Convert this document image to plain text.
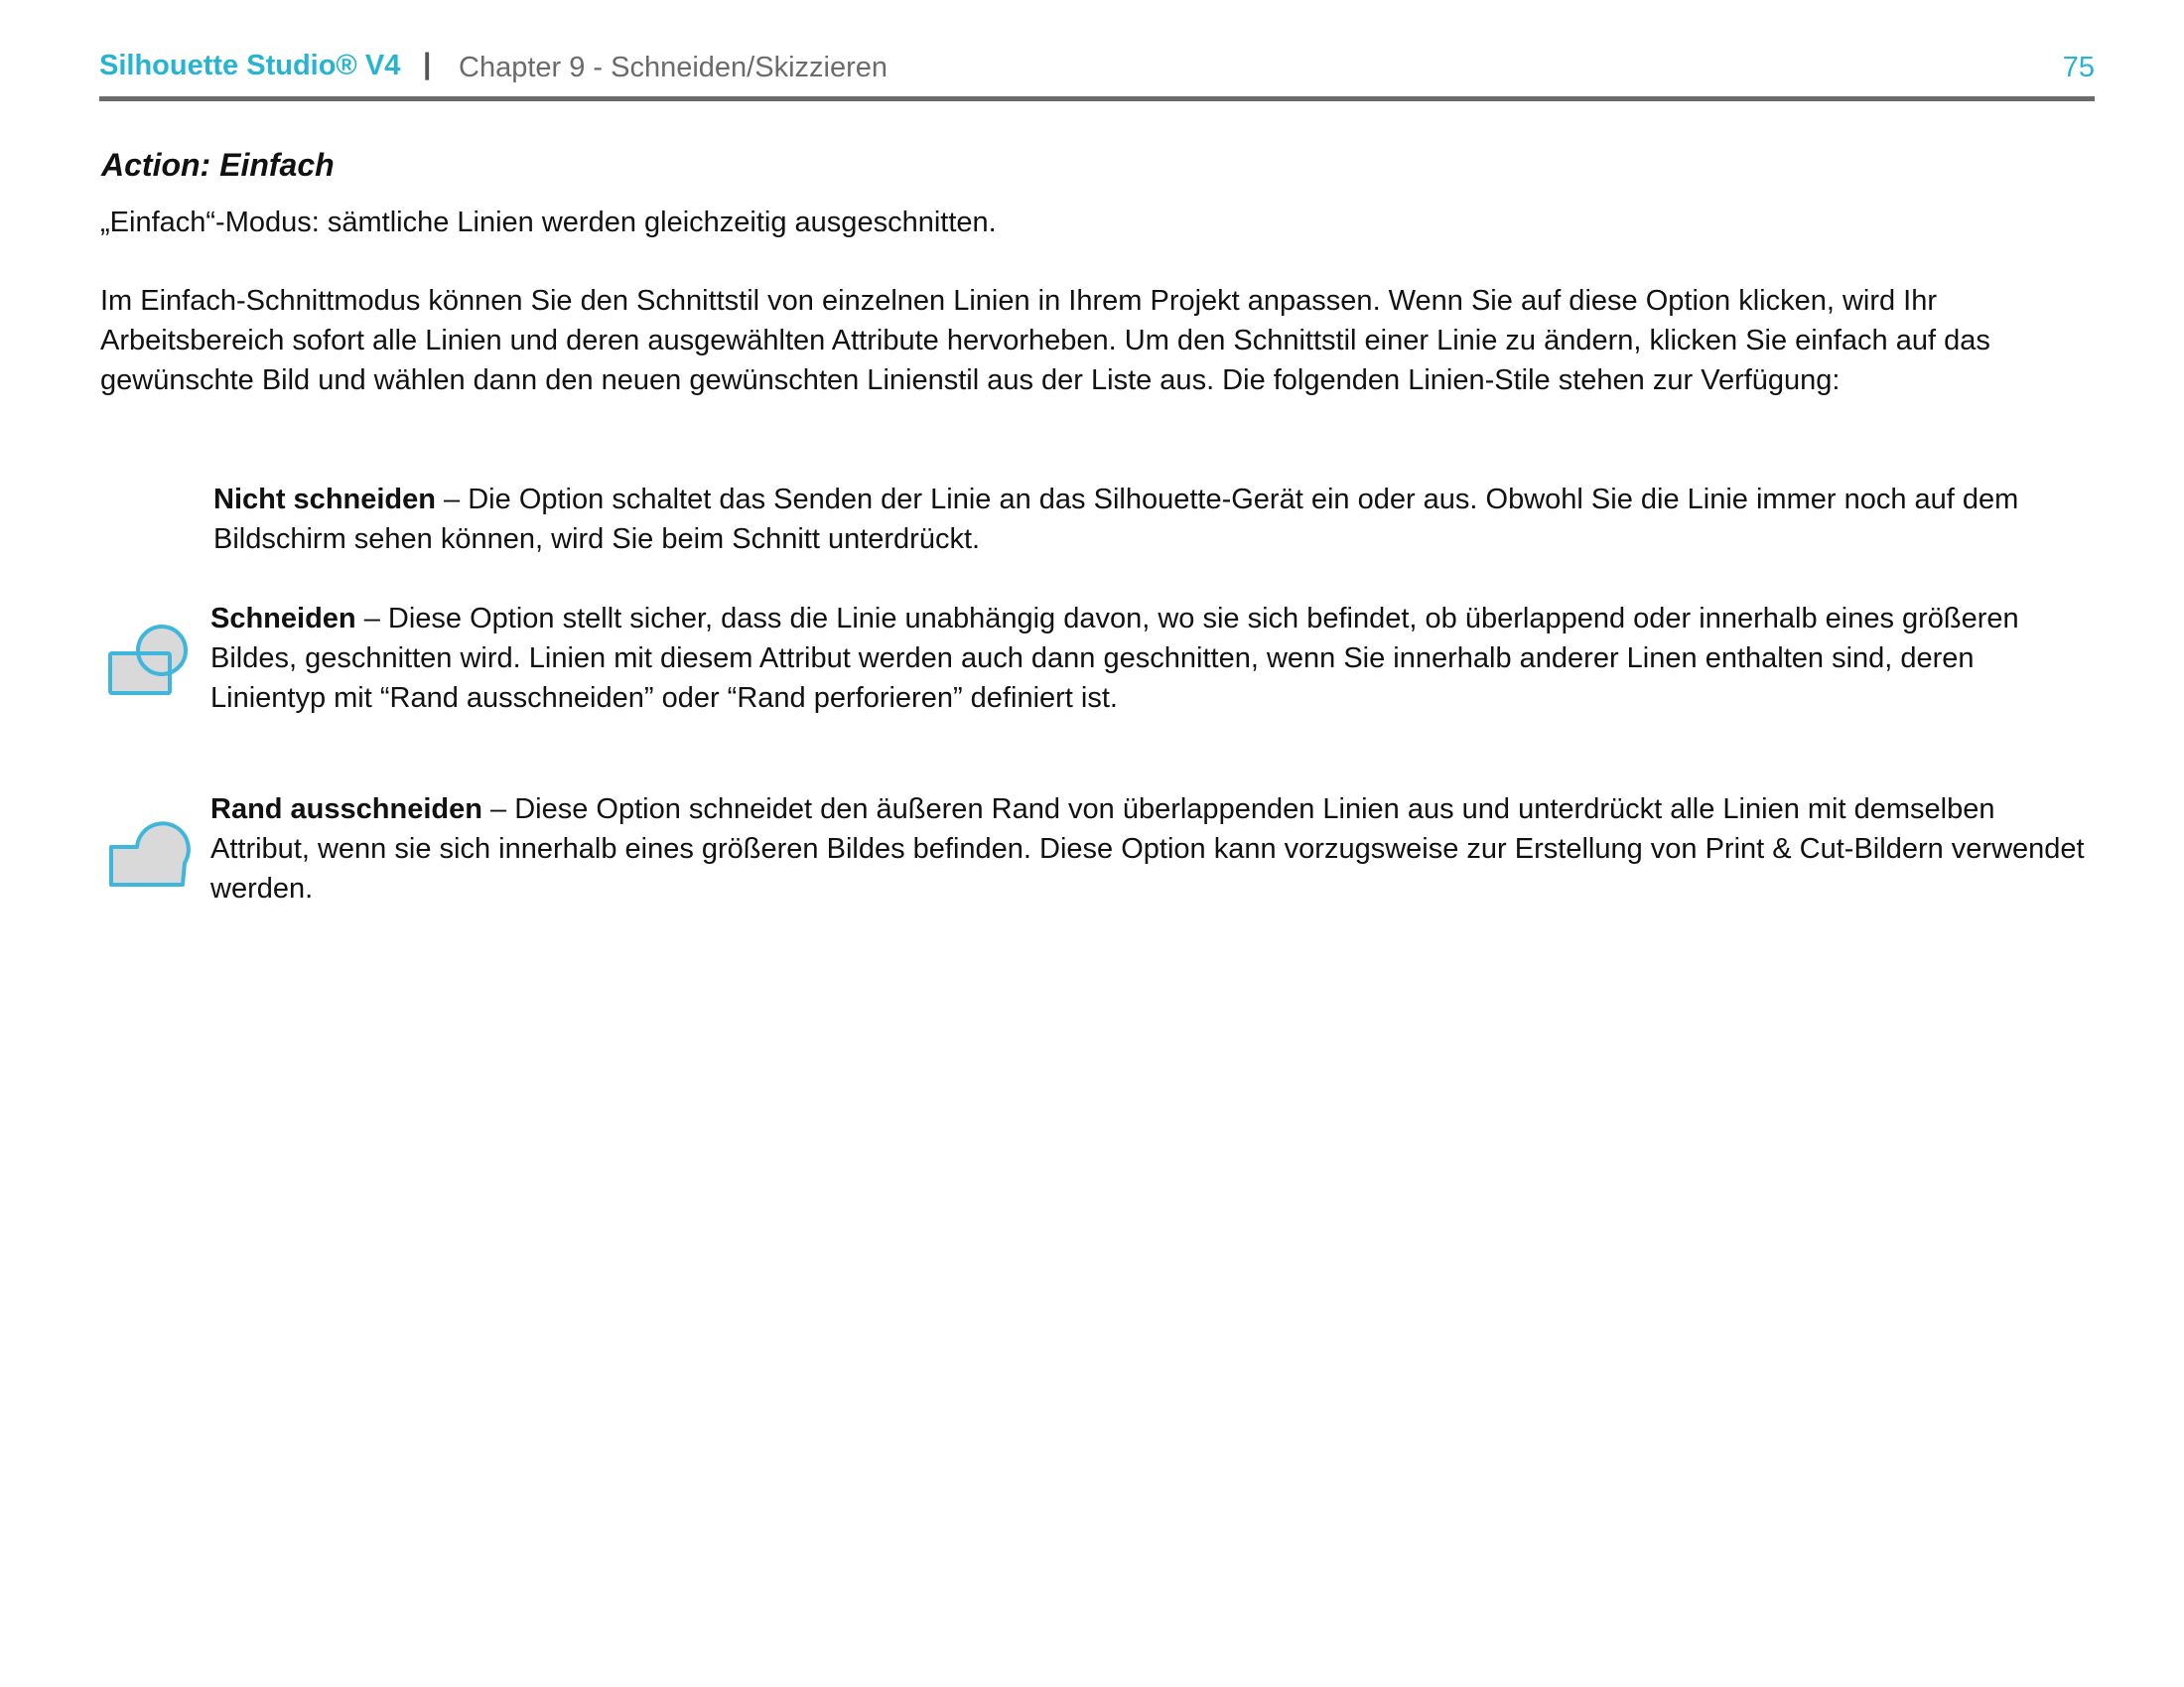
Silhouette Studio® V4 | Chapter 9 - Schneiden/Skizzieren	75
Action: Einfach
„Einfach“-Modus: sämtliche Linien werden gleichzeitig ausgeschnitten.
Im Einfach-Schnittmodus können Sie den Schnittstil von einzelnen Linien in Ihrem Projekt anpassen. Wenn Sie auf diese Option klicken, wird Ihr Arbeitsbereich sofort alle Linien und deren ausgewählten Attribute hervorheben. Um den Schnittstil einer Linie zu ändern, klicken Sie einfach auf das gewünschte Bild und wählen dann den neuen gewünschten Linienstil aus der Liste aus. Die folgenden Linien-Stile stehen zur Verfügung:
Nicht schneiden – Die Option schaltet das Senden der Linie an das Silhouette-Gerät ein oder aus. Obwohl Sie die Linie immer noch auf dem Bildschirm sehen können, wird Sie beim Schnitt unterdrückt.
Schneiden – Diese Option stellt sicher, dass die Linie unabhängig davon, wo sie sich befindet, ob überlappend oder innerhalb eines größeren Bildes, geschnitten wird. Linien mit diesem Attribut werden auch dann geschnitten, wenn Sie innerhalb anderer Linen enthalten sind, deren Linientyp mit “Rand ausschneiden” oder “Rand perforieren” definiert ist.
Rand ausschneiden – Diese Option schneidet den äußeren Rand von überlappenden Linien aus und unterdrückt alle Linien mit demselben Attribut, wenn sie sich innerhalb eines größeren Bildes befinden. Diese Option kann vorzugsweise zur Erstellung von Print & Cut-Bildern verwendet werden.
